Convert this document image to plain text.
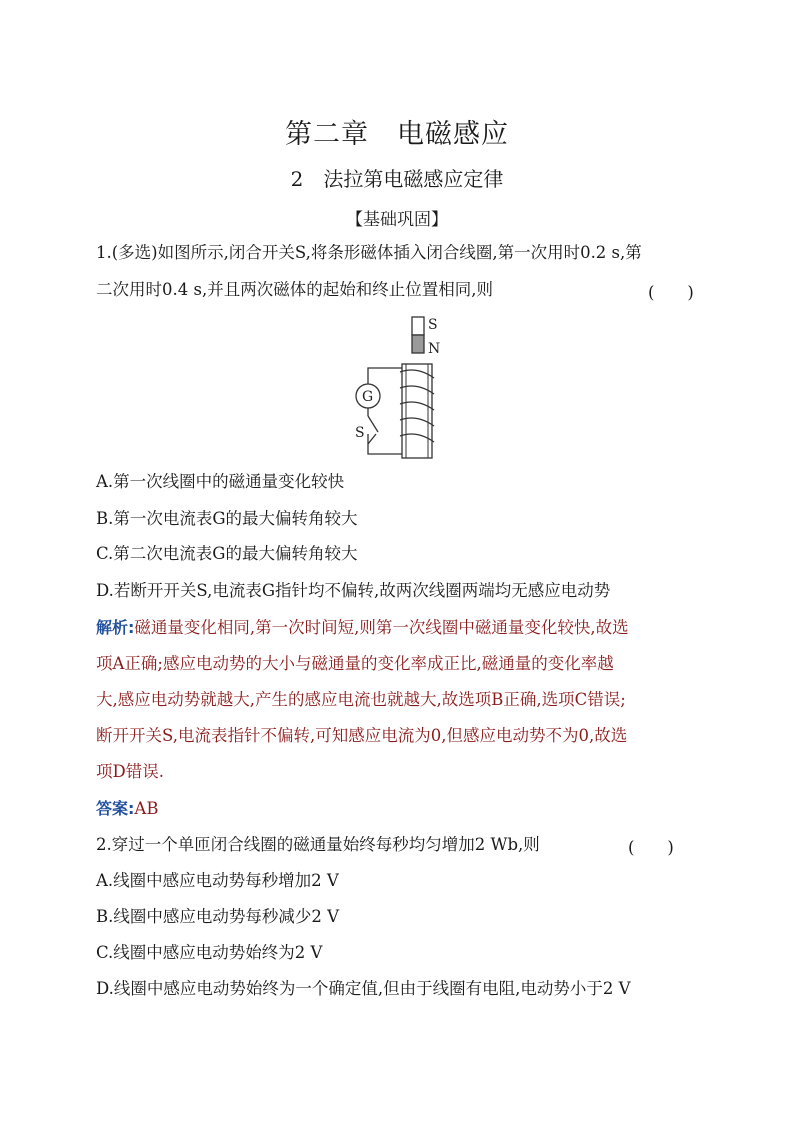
第二章　电磁感应
2　法拉第电磁感应定律
【基础巩固】
1.(多选)如图所示,闭合开关S,将条形磁体插入闭合线圈,第一次用时0.2 s,第
二次用时0.4 s,并且两次磁体的起始和终止位置相同,则	(　　)
S
N
S
G
A.第一次线圈中的磁通量变化较快
B.第一次电流表G的最大偏转角较大
C.第二次电流表G的最大偏转角较大
D.若断开开关S,电流表G指针均不偏转,故两次线圈两端均无感应电动势
解析:磁通量变化相同,第一次时间短,则第一次线圈中磁通量变化较快,故选
项A正确;感应电动势的大小与磁通量的变化率成正比,磁通量的变化率越
大,感应电动势就越大,产生的感应电流也就越大,故选项B正确,选项C错误;
断开开关S,电流表指针不偏转,可知感应电流为0,但感应电动势不为0,故选
项D错误.
答案:AB
2.穿过一个单匝闭合线圈的磁通量始终每秒均匀增加2 Wb,则	(　　)
A.线圈中感应电动势每秒增加2 V
B.线圈中感应电动势每秒减少2 V
C.线圈中感应电动势始终为2 V
D.线圈中感应电动势始终为一个确定值,但由于线圈有电阻,电动势小于2 V
